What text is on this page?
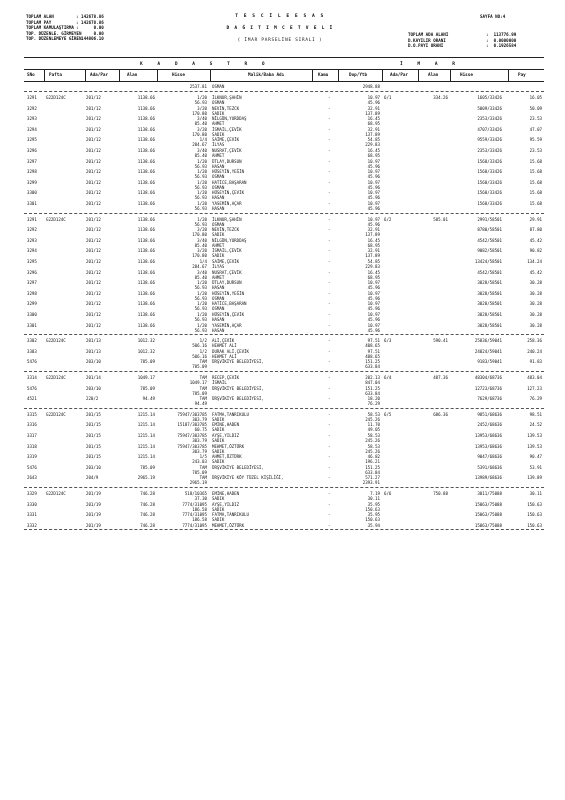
TOPLAM ALAN	: 142678.86
TOPLAM PAY	: 142678.86
TOPLAM KAMULAŞTIRMA :      0.00
TOP. DÜZENLE. GİRMEYEN
:      0.00
TOP. DÜZENLEMEYE GİREN
: 144806.10
T E S C İ L E E S A S
D A Ğ I T I M C E T V E L İ
( İMAR PARSELİNE SIRALI )
SAYFA NO:4
TOPLAM ADA ALANI	:  113776.99
D.KAYILIR ORANI	:  0.0000000
D.O.PAYI ORANI	:  0.1926584
K A D A S T R O	İ M A R
SNo	Pafta	Ada/Par	Alan	Hisse	Malik/Baba Adı	Kamu	Dop/Ytb	Ada/Par	Alan	Hisse	Pay
2537.81 OSMAN	2948.88
3291 G22D124C	201/12	1138.66	1/20 İLKNUR,ŞAHİN	-	10.97 6/1	334.26	1605/33426	16.05
56.93 OSMAN	45.96
3292	201/12	1138.66	3/20 NEVİN,TEZCK	-	32.91	5009/33426	50.09
170.80 SADIK	137.89
3293	201/12	1138.66	3/40 NİLGÜN,YURDDAŞ	-	16.45	2353/33426	23.53
85.40 AHMET	68.95
3294	201/12	1138.66	3/20 İSMAİL,ÇEVİK	-	32.91	4707/33426	47.07
170.80 SADIK	137.89
3295	201/12	1138.66	1/4 SAİME,ÇEVİK	-	54.85	9559/33426	95.59
284.67 İLYAS	229.83
3296	201/12	1138.66	3/40 NUSRAT,ÇEVİK	-	16.45	2353/33426	23.53
85.40 AHMET	68.95
3297	201/12	1138.66	1/20 ÜTLAY,DURSUN	-	10.97	1568/33426	15.68
56.93 HASAN	45.96
3298	201/12	1138.66	1/20 HÜSEYİN,YEĞİN	-	10.97	1568/33426	15.68
56.93 OSMAN	45.96
3299	201/12	1138.66	1/20 HATİCE,BAŞARAN	-	10.97	1568/33426	15.68
56.93 OSMAN	45.96
3300	201/12	1138.66	1/20 HÜSEYİN,ÇEVİK	-	10.97	1568/33426	15.68
56.93 HASAN	45.96
3301	201/12	1138.66	1/20 YASEMİN,AÇAR	-	10.97	1568/33426	15.68
56.93 HASAN	45.96
3291 G22D124C	201/12	1138.66	1/20 İLKNUR,ŞAHİN	-	10.97 6/2	585.01	2991/58501	29.91
56.93 OSMAN	45.96
3292	201/12	1138.66	3/20 NEVİN,TEZCK	-	32.91	8780/58501	87.80
170.80 SADIK	137.89
3293	201/12	1138.66	3/40 NİLGÜN,YURDDAŞ	-	16.45	4542/58501	45.42
85.40 AHMET	68.95
3294	201/12	1138.66	3/20 İSMAİL,ÇEVİK	-	32.91	9082/58501	90.82
170.80 SADIK	137.89
3295	201/12	1138.66	1/4 SAİME,ÇEVİK	-	54.85	13424/58501	134.24
284.67 İLYAS	229.83
3296	201/12	1138.66	3/40 NUSRAT,ÇEVİK	-	16.45	4542/58501	45.42
85.40 AHMET	68.95
3297	201/12	1138.66	1/20 ÜTLAY,DURSUN	-	10.97	3028/58501	30.28
56.93 HASAN	45.96
3298	201/12	1138.66	1/20 HÜSEYİN,YEĞİN	-	10.97	3028/58501	30.28
56.93 OSMAN	45.96
3299	201/12	1138.66	1/20 HATİCE,BAŞARAN	-	10.97	3028/58501	30.28
56.93 OSMAN	45.96
3300	201/12	1138.66	1/20 HÜSEYİN,ÇEVİK	-	10.97	3028/58501	30.28
56.93 HASAN	45.96
3301	201/12	1138.66	1/20 YASEMİN,AÇAR	-	10.97	3028/58501	30.28
56.93 HASAN	45.96
3302 G22D124C	201/13	1012.32	1/2 ALİ,ÇEVİK	-	97.51 6/3	590.41	25836/59041	258.36
506.16 HEHMET ALİ	408.65
3303	201/13	1012.32	1/2 DURAK ALİ,ÇEVİK	-	97.51	24024/59041	240.24
506.16 HEHMET ALİ	408.65
5476	203/10	785.09	TAM ÜRŞVİKİYE BELEDİYESİ,	-	151.25	9183/59041	91.83
785.09	633.84
3314 G22D124C	201/14	1049.17	TAM RECEP,ÇEVİK	-	202.13 6/4	487.36	48304/68736	483.04
1049.17 İSMAİL	847.04
5476	203/10	785.09	TAM ÜRŞVİKİYE BELEDİYESİ,	-	151.25	12723/68736	127.23
785.09	633.84
4521	220/2	94.49	TAM ÜRŞVİKİYE BELEDİYESİ,	-	18.20	7629/68736	76.29
94.49	76.29
3315 G22D124C	201/15	1215.14	75947/303785 FATMA,TANRIKULU	-	58.53 6/5	686.36	9851/68636	98.51
303.79 SADIK	245.26
3316	201/15	1215.14	15187/303785 EMİNE,HADEN	-	11.70	2452/68636	24.52
60.75 SADIK	49.05
3317	201/15	1215.14	75947/303785 AYŞE,YILDIZ	-	58.53	13953/68636	139.53
303.79 SADIK	245.26
3318	201/15	1215.14	75947/303785 MEHMET,ÖZTÜRK	-	58.53	13953/68636	139.53
303.79 SADIK	245.26
3319	201/15	1215.14	1/5 AHMET,ÖZTÜRK	-	46.82	9047/68636	90.47
243.03 SADIK	196.21
5476	203/10	785.09	TAM ÜRŞVİKİYE BELEDİYESİ,	-	151.25	5391/68636	53.91
785.09	633.84
2643	204/9	2965.19	TAM ÜRŞVİKİYE KÖY TÜZEL KİŞİLİĞİ,	-	571.27	13989/68636	139.89
2965.19	2393.91
3329 G22D124C	201/19	746.28	518/10365 EMİNE,HADEN	-	7.19 6/6	750.88	3011/75088	30.11
37.30 SADIK	30.11
3330	201/19	746.28	7774/31095 AYŞE,YILDIZ	-	35.95	15063/75088	150.63
186.58 SADIK	150.63
3331	201/19	746.28	7774/31095 FATMA,TANRIKULU	-	35.95	15063/75088	150.63
186.58 SADIK	150.63
3332	201/19	746.28	7774/31095 MEHMET,ÖZTÜRK	-	35.94	15063/75088	150.63
